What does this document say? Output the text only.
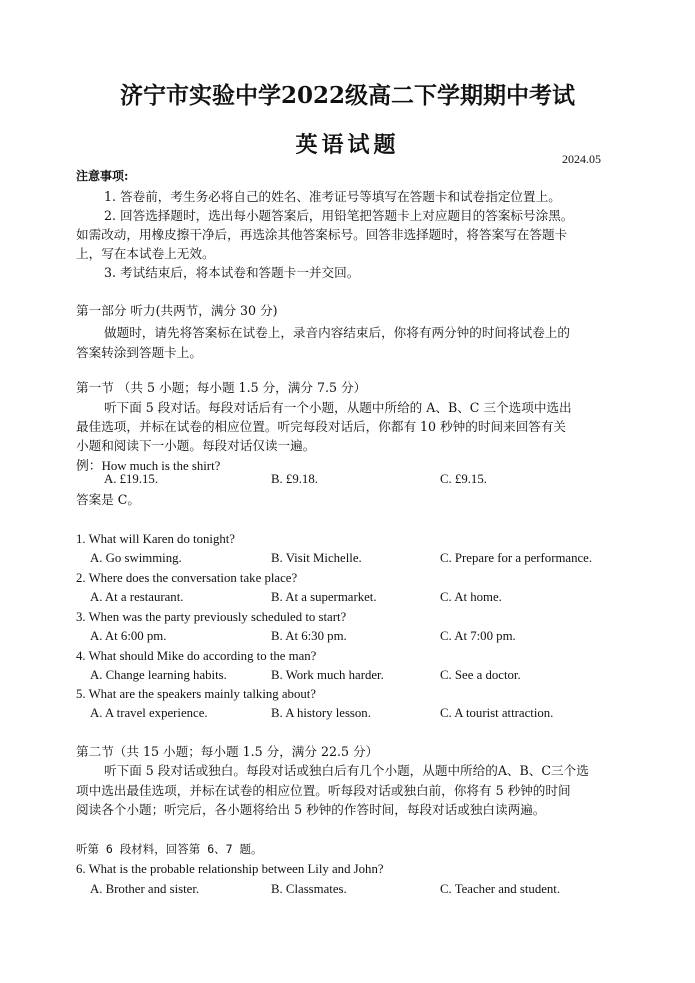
济宁市实验中学2022级高二下学期期中考试
英语试题
2024.05
注意事项:
1. 答卷前，考生务必将自己的姓名、准考证号等填写在答题卡和试卷指定位置上。
2. 回答选择题时，选出每小题答案后，用铅笔把答题卡上对应题目的答案标号涂黑。
如需改动，用橡皮擦干净后，再选涂其他答案标号。回答非选择题时，将答案写在答题卡
上，写在本试卷上无效。
3. 考试结束后，将本试卷和答题卡一并交回。
第一部分 听力(共两节，满分 30 分)
做题时，请先将答案标在试卷上，录音内容结束后，你将有两分钟的时间将试卷上的
答案转涂到答题卡上。
第一节 （共 5 小题；每小题 1.5 分，满分 7.5 分）
听下面 5 段对话。每段对话后有一个小题，从题中所给的 A、B、C 三个选项中选出
最佳选项，并标在试卷的相应位置。听完每段对话后，你都有 10 秒钟的时间来回答有关
小题和阅读下一小题。每段对话仅读一遍。
例：How much is the shirt?
A. £19.15.	B. £9.18.	C. £9.15.
答案是 C。
1. What will Karen do tonight?
A. Go swimming.	B. Visit Michelle.	C. Prepare for a performance.
2. Where does the conversation take place?
A. At a restaurant.	B. At a supermarket.	C. At home.
3. When was the party previously scheduled to start?
A. At 6:00 pm.	B. At 6:30 pm.	C. At 7:00 pm.
4. What should Mike do according to the man?
A. Change learning habits.	B. Work much harder.	C. See a doctor.
5. What are the speakers mainly talking about?
A. A travel experience.	B. A history lesson.	C. A tourist attraction.
第二节（共 15 小题；每小题 1.5 分，满分 22.5 分）
听下面 5 段对话或独白。每段对话或独白后有几个小题，从题中所给的A、B、C三个选
项中选出最佳选项，并标在试卷的相应位置。听每段对话或独白前，你将有 5 秒钟的时间
阅读各个小题；听完后，各小题将给出 5 秒钟的作答时间，每段对话或独白读两遍。
听第 6 段材料，回答第 6、7 题。
6. What is the probable relationship between Lily and John?
A. Brother and sister.	B. Classmates.	C. Teacher and student.
